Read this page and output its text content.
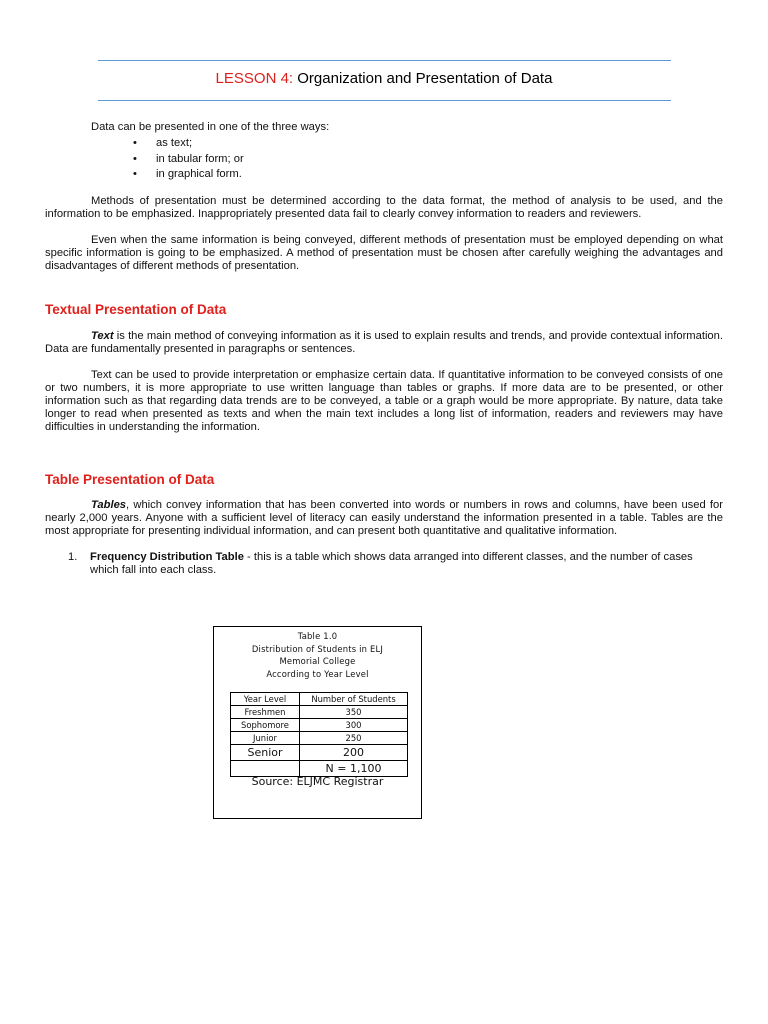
LESSON 4: Organization and Presentation of Data

Data can be presented in one of the three ways:

• as text;
• in tabular form; or
• in graphical form.

Methods of presentation must be determined according to the data format, the method of analysis to be used, and the information to be emphasized. Inappropriately presented data fail to clearly convey information to readers and reviewers.

Even when the same information is being conveyed, different methods of presentation must be employed depending on what specific information is going to be emphasized. A method of presentation must be chosen after carefully weighing the advantages and disadvantages of different methods of presentation.

Textual Presentation of Data

Text is the main method of conveying information as it is used to explain results and trends, and provide contextual information. Data are fundamentally presented in paragraphs or sentences.

Text can be used to provide interpretation or emphasize certain data. If quantitative information to be conveyed consists of one or two numbers, it is more appropriate to use written language than tables or graphs. If more data are to be presented, or other information such as that regarding data trends are to be conveyed, a table or a graph would be more appropriate. By nature, data take longer to read when presented as texts and when the main text includes a long list of information, readers and reviewers may have difficulties in understanding the information.

Table Presentation of Data

Tables, which convey information that has been converted into words or numbers in rows and columns, have been used for nearly 2,000 years. Anyone with a sufficient level of literacy can easily understand the information presented in a table. Tables are the most appropriate for presenting individual information, and can present both quantitative and qualitative information.

1. Frequency Distribution Table - this is a table which shows data arranged into different classes, and the number of cases which fall into each class.
Table 1.0
Distribution of Students in ELJ
Memorial College
According to Year Level
Year Level	Number of Students
Freshmen	350
Sophomore	300
Junior	250
Senior	200
	N = 1,100
Source: ELJMC Registrar
